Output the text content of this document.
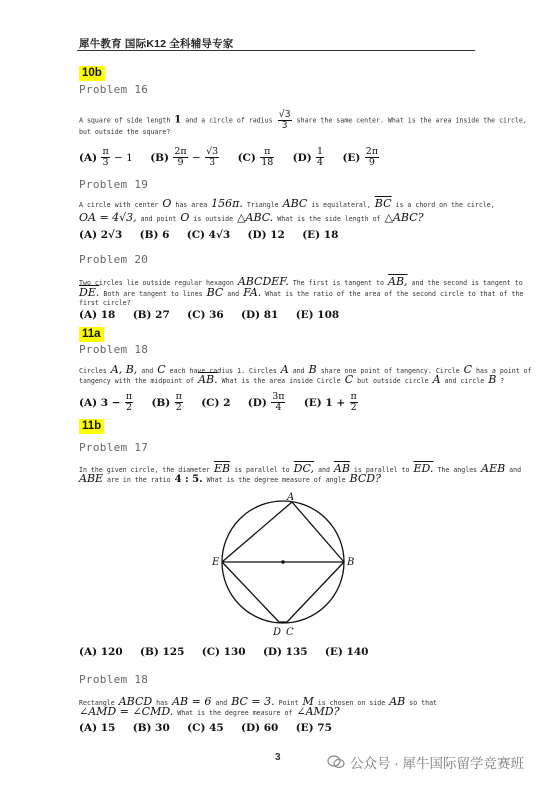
犀牛教育 国际K12 全科辅导专家
10b
Problem 16
A square of side length 1 and a circle of radius $\frac{√3}{3}$ share the same center. What is the area inside the circle,
but outside the square?
$(A) \frac{\pi}{3} - 1$ $(B) \frac{2\pi}{9} - \frac{√3}{3} (C) \frac{\pi}{18} (D) \frac{1}{4} (E) \frac{2\pi}{9}$
Problem 19
A circle with center O has area 156π. Triangle ABC is equilateral, $\overline{BC}$ is a chord on the circle,
OA = 4√3, and point O is outside △ABC. What is the side length of △ABC?
(A) 2√3 (B) 6 (C) 4√3 (D) 12 (E) 18
Problem 20
Two circles lie outside regular hexagon ABCDEF. The first is tangent to AB, and the second is tangent to
DE. Both are tangent to lines BC and FA. What is the ratio of the area of the second circle to that of the
first circle?
(A) 18 (B) 27 (C) 36 (D) 81 (E) 108
11a
Problem 18
Circles A, B, and C each have radius 1. Circles A and B share one point of tangency. Circle C has a point of
tangency with the midpoint of AB. What is the area inside Circle C but outside circle A and circle B ?
(A) $3 - \frac{\pi}{2} (B) \frac{\pi}{2} (C)$ 2 $(D) \frac{3\pi}{4} (E) 1 + \frac{\pi}{2}$
11b
Problem 17
In the given circle, the diameter $\overline{EB}$ is parallel to DC, and $\overline{AB}$ is parallel to ED. The angles AEB and
ABE are in the ratio 4 : 5. What is the degree measure of angle BCD?
A
B
E
D C
(A) 120 (B) 125 (C) 130 (D) 135 (E) 140
Problem 18
Rectangle ABCD has AB = 6 and BC = 3. Point M is chosen on side AB so that
∠AMD = ∠CMD. What is the degree measure of ∠AMD?
(A) 15 (B) 30 (C) 45 (D) 60 (E) 75
3	公众号 · 犀牛国际留学竞赛班
